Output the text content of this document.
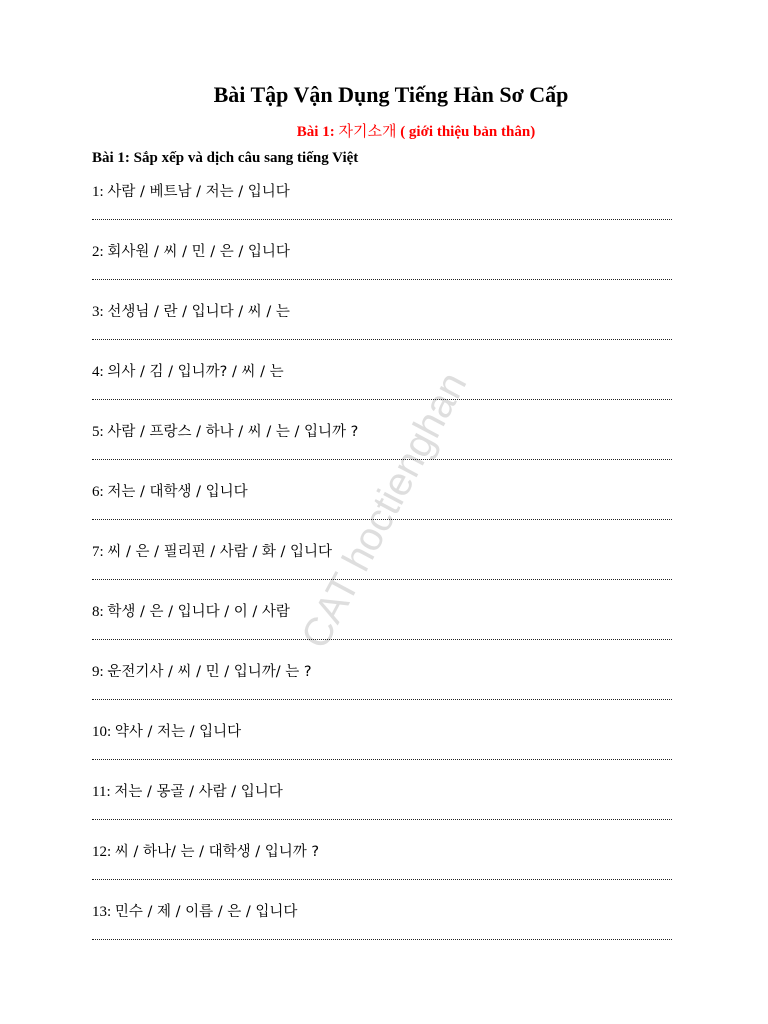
Bài Tập Vận Dụng Tiếng Hàn Sơ Cấp
Bài 1: 자기소개 ( giới thiệu bản thân)
Bài 1: Sắp xếp và dịch câu sang tiếng Việt
CAT hoctienghan
1: 사람 / 베트남 / 저는 / 입니다
2: 회사원 / 씨 / 민 / 은 / 입니다
3: 선생님 / 란 / 입니다 / 씨 / 는
4: 의사 / 김 / 입니까? / 씨 / 는
5: 사람 / 프랑스 / 하나 / 씨 / 는 / 입니까 ?
6: 저는 / 대학생 / 입니다
7: 씨 / 은 / 필리핀 / 사람 / 화 / 입니다
8: 학생 / 은 / 입니다 / 이 / 사람
9: 운전기사 / 씨 / 민 / 입니까/ 는 ?
10: 약사 / 저는 / 입니다
11: 저는 / 몽골 / 사람 / 입니다
12: 씨 / 하나/ 는 / 대학생 / 입니까 ?
13: 민수 / 제 / 이름 / 은 / 입니다
